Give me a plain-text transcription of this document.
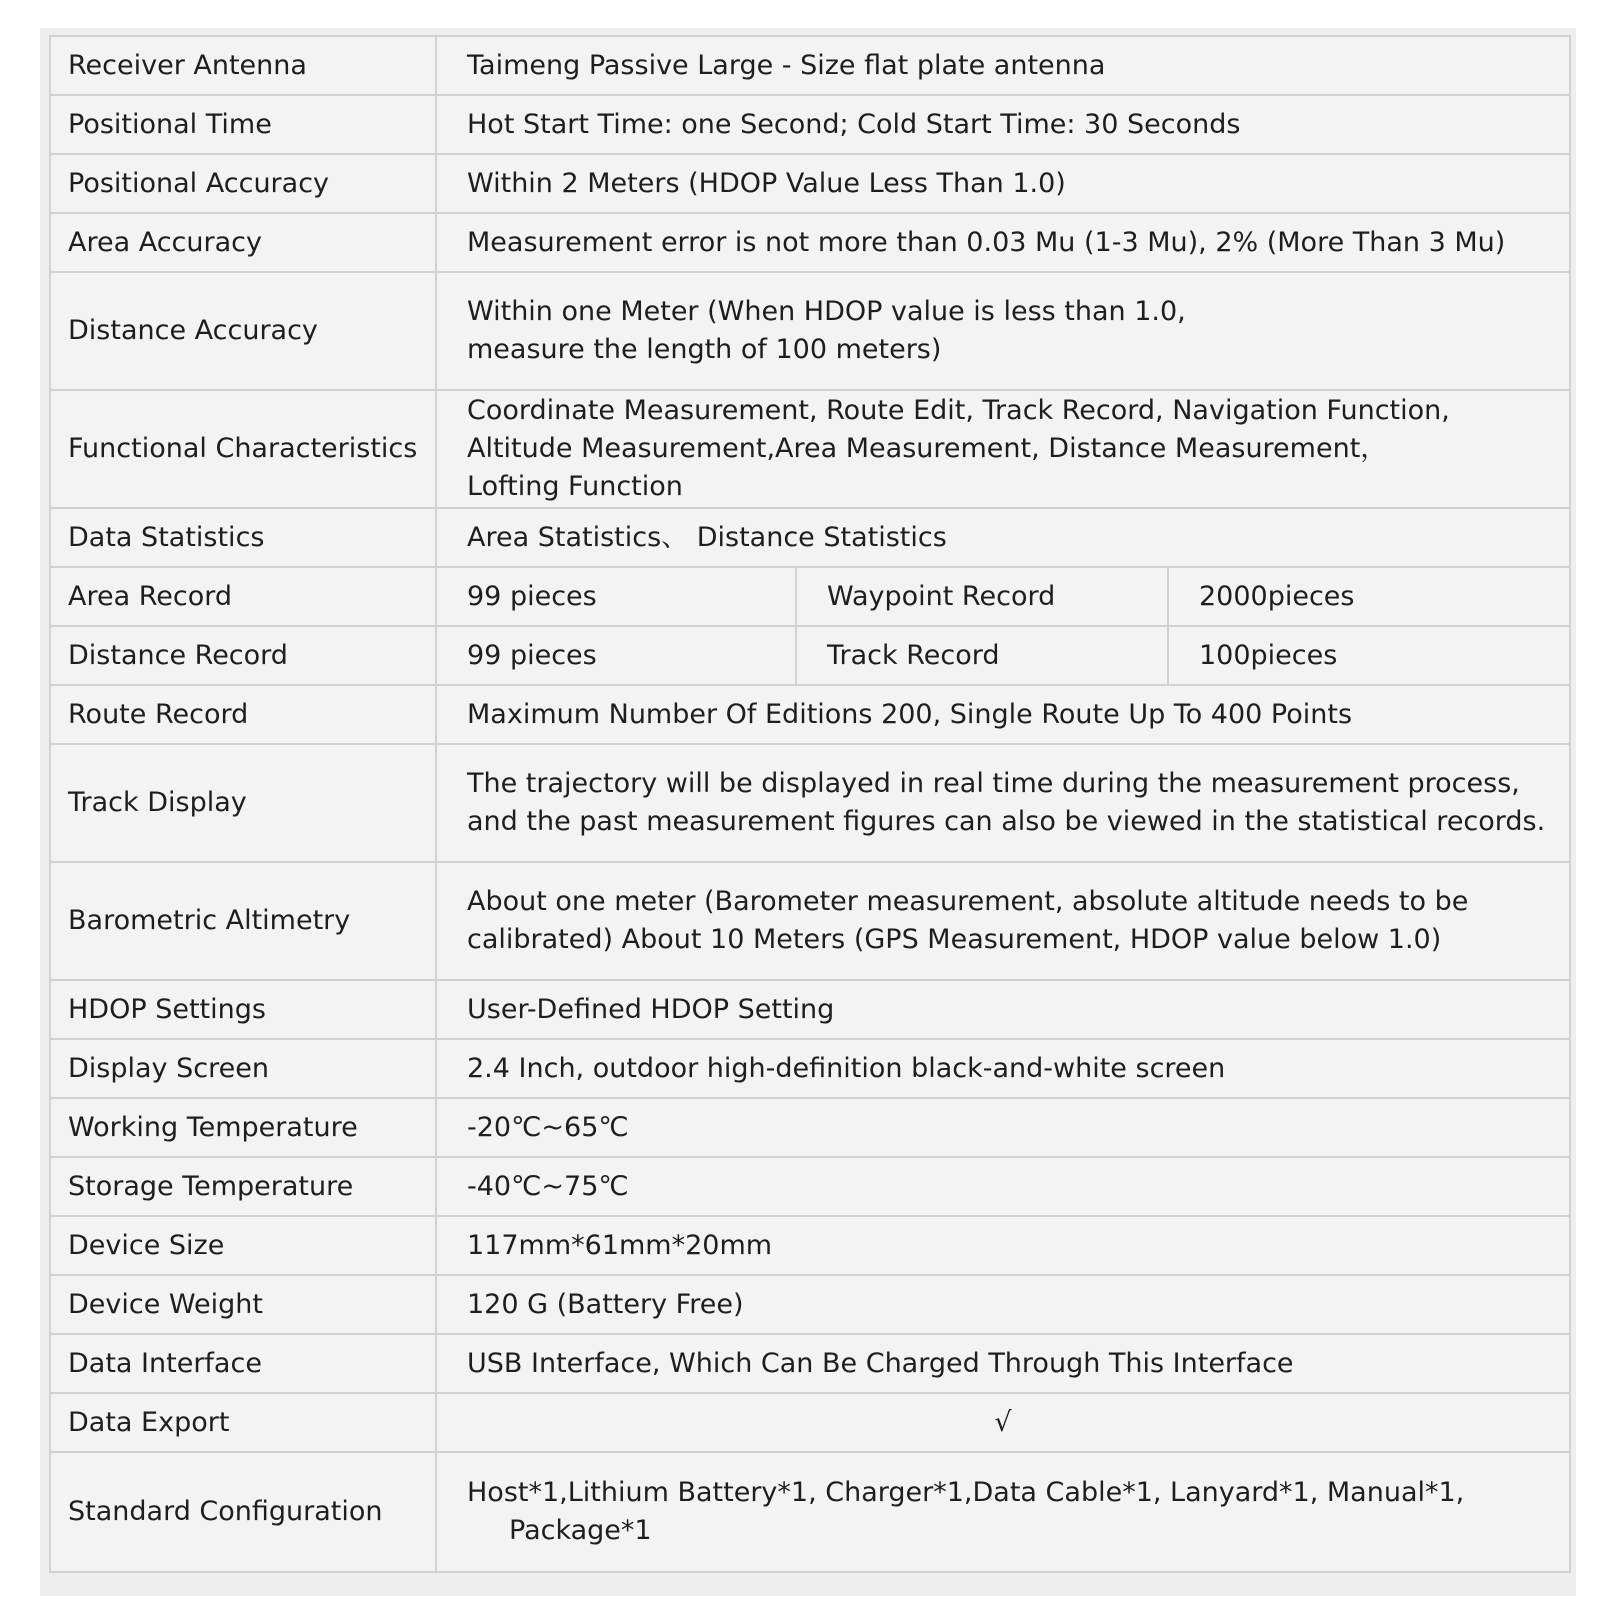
Receiver Antenna	Taimeng Passive Large - Size flat plate antenna		
Positional Time	Hot Start Time: one Second; Cold Start Time: 30 Seconds		
Positional Accuracy	Within 2 Meters (HDOP Value Less Than 1.0)		
Area Accuracy	Measurement error is not more than 0.03 Mu (1-3 Mu), 2% (More Than 3 Mu)		
Distance Accuracy	Within one Meter (When HDOP value is less than 1.0,
measure the length of 100 meters)		

Functional Characteristics	Coordinate Measurement, Route Edit, Track Record, Navigation Function,
Altitude Measurement,Area Measurement, Distance Measurement，
Lofting Function		

Data Statistics	Area Statistics、 Distance Statistics		
Area Record	99 pieces	Waypoint Record	2000pieces
Distance Record	99 pieces	Track Record	100pieces
Route Record	Maximum Number Of Editions 200, Single Route Up To 400 Points		
Track Display	The trajectory will be displayed in real time during the measurement process,
and the past measurement figures can also be viewed in the statistical records.		

Barometric Altimetry	About one meter (Barometer measurement, absolute altitude needs to be
calibrated) About 10 Meters (GPS Measurement, HDOP value below 1.0)		

HDOP Settings	User-Defined HDOP Setting		
Display Screen	2.4 Inch, outdoor high-definition black-and-white screen		
Working Temperature	-20℃~65℃		
Storage Temperature	-40℃~75℃		
Device Size	117mm*61mm*20mm		
Device Weight	120 G (Battery Free)		
Data Interface	USB Interface, Which Can Be Charged Through This Interface		
Data Export	√		

Standard Configuration	Host*1,Lithium Battery*1, Charger*1,Data Cable*1, Lanyard*1, Manual*1,
Package*1		
